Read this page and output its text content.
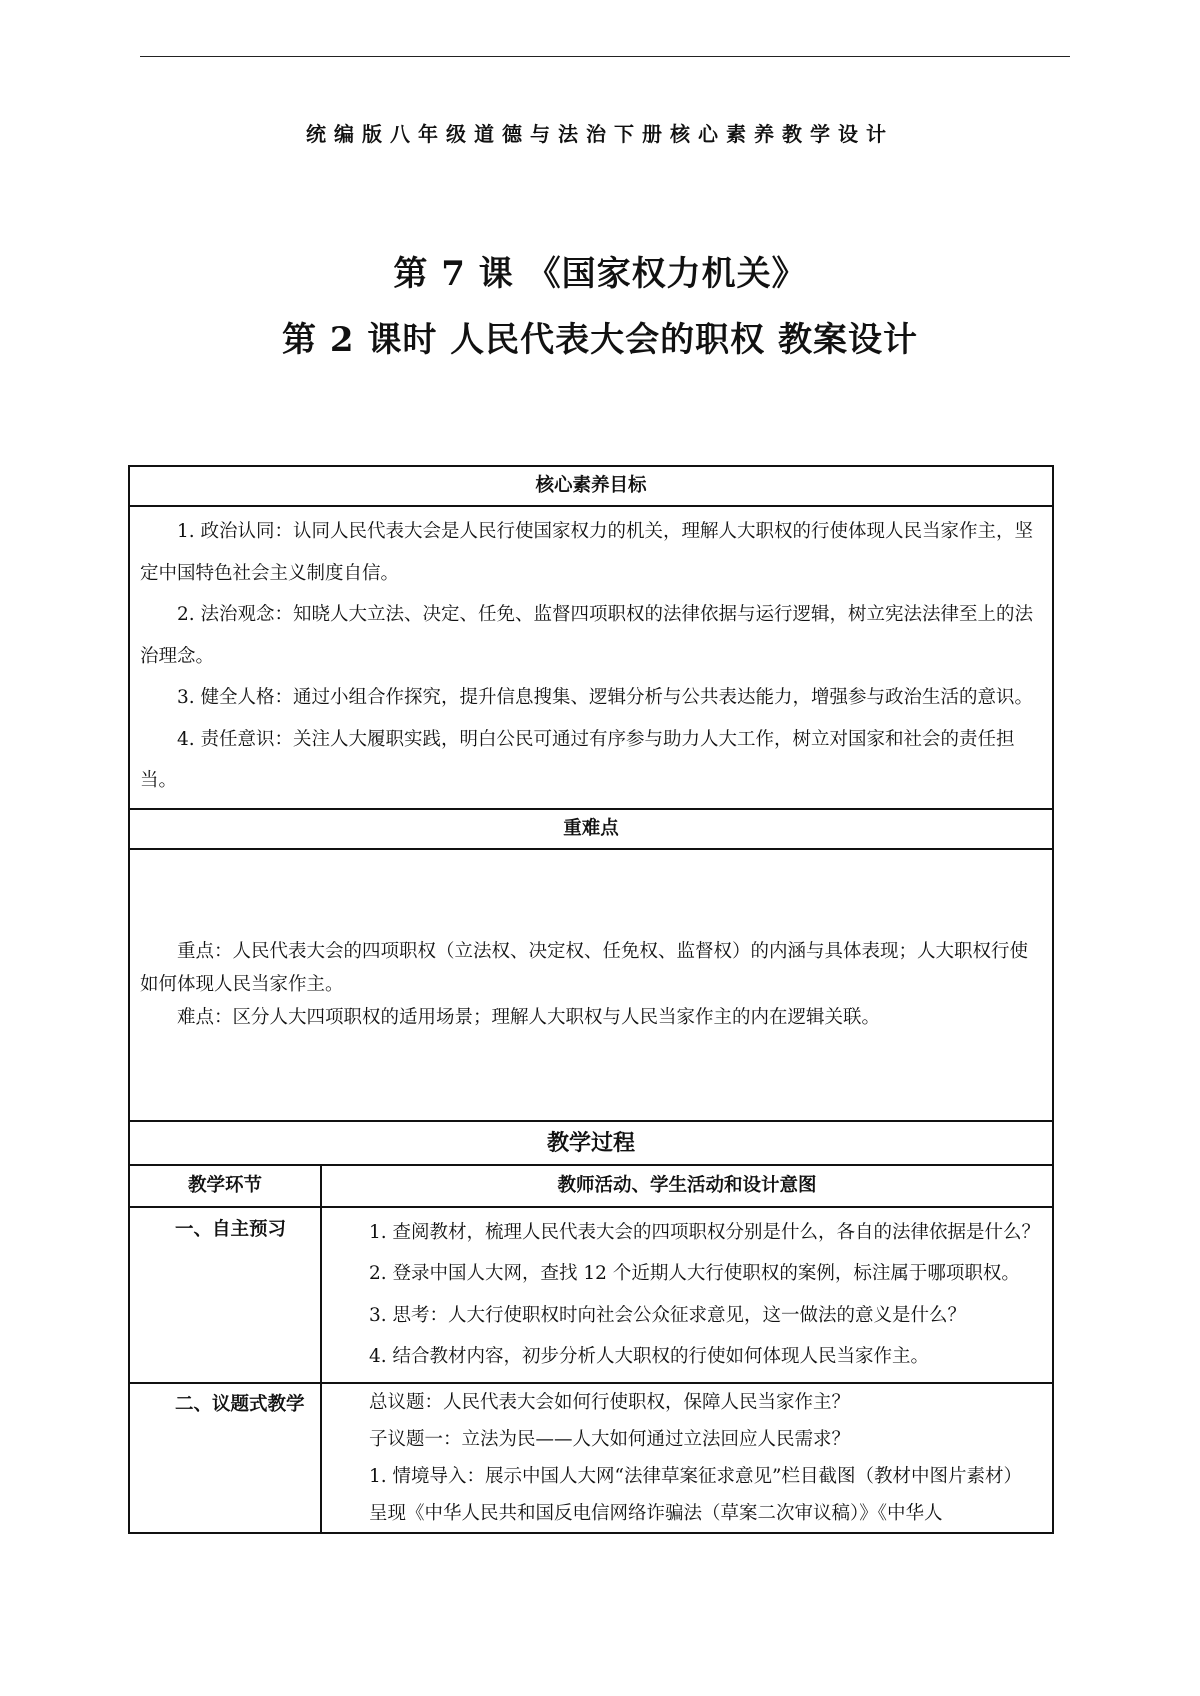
统编版八年级道德与法治下册核心素养教学设计
第 7 课 《国家权力机关》
第 2 课时 人民代表大会的职权 教案设计
核心素养目标	

1. 政治认同：认同人民代表大会是人民行使国家权力的机关，理解人大职权的行使体现人民当家作主，坚定中国特色社会主义制度自信。

2. 法治观念：知晓人大立法、决定、任免、监督四项职权的法律依据与运行逻辑，树立宪法法律至上的法治理念。

3. 健全人格：通过小组合作探究，提升信息搜集、逻辑分析与公共表达能力，增强参与政治生活的意识。

4. 责任意识：关注人大履职实践，明白公民可通过有序参与助力人大工作，树立对国家和社会的责任担当。	

重难点	

重点：人民代表大会的四项职权（立法权、决定权、任免权、监督权）的内涵与具体表现；人大职权行使如何体现人民当家作主。

难点：区分人大四项职权的适用场景；理解人大职权与人民当家作主的内在逻辑关联。	

教学过程	
教学环节	教师活动、学生活动和设计意图
一、自主预习	1. 查阅教材，梳理人民代表大会的四项职权分别是什么，各自的法律依据是什么？

2. 登录中国人大网，查找 12 个近期人大行使职权的案例，标注属于哪项职权。

3. 思考：人大行使职权时向社会公众征求意见，这一做法的意义是什么？

4. 结合教材内容，初步分析人大职权的行使如何体现人民当家作主。

二、议题式教学	总议题：人民代表大会如何行使职权，保障人民当家作主？

子议题一：立法为民——人大如何通过立法回应人民需求？

1. 情境导入：展示中国人大网“法律草案征求意见”栏目截图（教材中图片素材）

呈现《中华人民共和国反电信网络诈骗法（草案二次审议稿）》《中华人
